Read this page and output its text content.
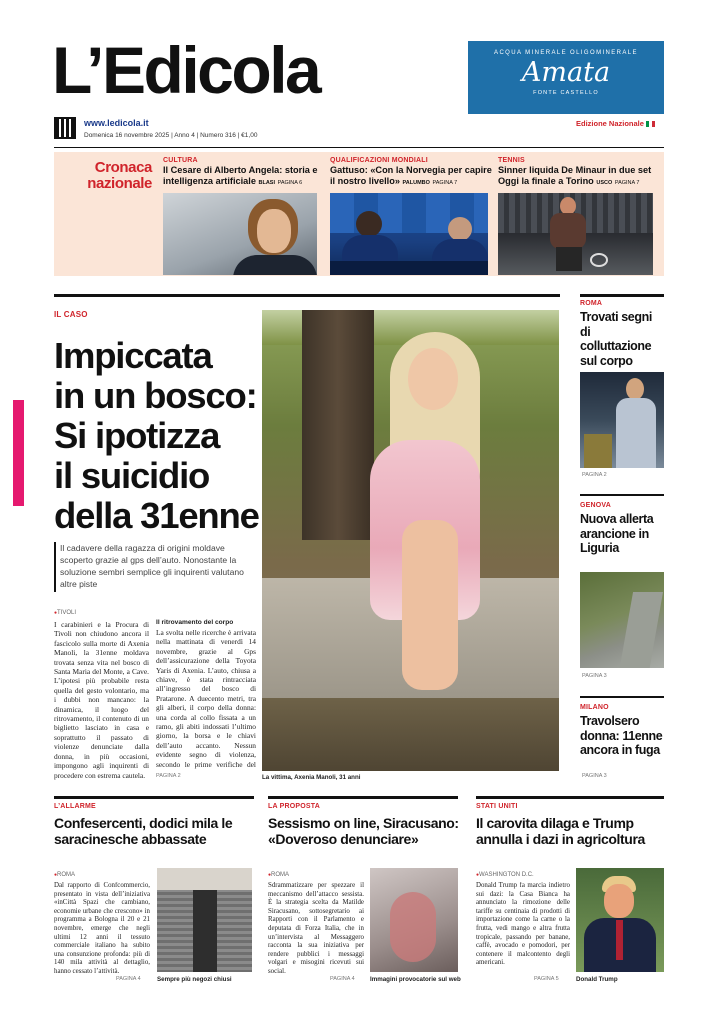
L’Edicola
www.ledicola.it
Domenica 16 novembre 2025 | Anno 4 | Numero 316 | €1,00
Edizione Nazionale
ACQUA MINERALE OLIGOMINERALE
Amata
FONTE CASTELLO
Cronaca
nazionale
CULTURA
Il Cesare di Alberto Angela: storia e intelligenza artificiale BLASI PAGINA 6
QUALIFICAZIONI MONDIALI
Gattuso: «Con la Norvegia per capire il nostro livello» PALUMBO PAGINA 7
TENNIS
Sinner liquida De Minaur in due set Oggi la finale a Torino USCO PAGINA 7
IL CASO
Impiccata
in un bosco:
Si ipotizza
il suicidio
della 31enne
Il cadavere della ragazza di origini moldave scoperto grazie al gps dell’auto. Nonostante la soluzione sembri semplice gli inquirenti valutano altre piste
● TIVOLI
I carabinieri e la Procura di Tivoli non chiudono ancora il fascicolo sulla morte di Axenia Manoli, la 31enne moldava trovata senza vita nel bosco di Santa Maria del Monte, a Cave. L’ipotesi più probabile resta quella del gesto volontario, ma i dubbi non mancano: la dinamica, il luogo del ritrovamento, il contenuto di un biglietto lasciato in casa e soprattutto il passato di violenze denunciate dalla donna, in più occasioni, impongono agli inquirenti di procedere con estrema cautela.
Il ritrovamento del corpo
La svolta nelle ricerche è arrivata nella mattinata di venerdì 14 novembre, grazie al Gps dell’assicurazione della Toyota Yaris di Axenia. L’auto, chiusa a chiave, è stata rintracciata all’ingresso del bosco di Pratarone. A duecento metri, tra gli alberi, il corpo della donna: una corda al collo fissata a un ramo, gli abiti indossati l’ultimo giorno, la borsa e le chiavi dell’auto accanto. Nessun evidente segno di violenza, secondo le prime verifiche del
PAGINA 2	La vittima, Axenia Manoli, 31 anni
ROMA
Trovati segni di colluttazione sul corpo
PAGINA 2
GENOVA
Nuova allerta arancione in Liguria
PAGINA 3
MILANO
Travolsero donna: 11enne ancora in fuga
PAGINA 3
L’ALLARME
Confesercenti, dodici mila le saracinesche abbassate
● ROMA
Dal rapporto di Confcommercio, presentato in vista dell’iniziativa «inCittà Spazi che cambiano, economie urbane che crescono» in programma a Bologna il 20 e 21 novembre, emerge che negli ultimi 12 anni il tessuto commerciale italiano ha subito una consunzione profonda: più di 140 mila attività al dettaglio, hanno cessato l’attività.
PAGINA 4	Sempre più negozi chiusi
LA PROPOSTA
Sessismo on line, Siracusano: «Doveroso denunciare»
● ROMA
Sdrammatizzare per spezzare il meccanismo dell’attacco sessista. È la strategia scelta da Matilde Siracusano, sottosegretario ai Rapporti con il Parlamento e deputata di Forza Italia, che in un’intervista al Messaggero racconta la sua iniziativa per rendere pubblici i messaggi volgari e misogini ricevuti sui social.
PAGINA 4 Immagini provocatorie sul web
STATI UNITI
Il carovita dilaga e Trump annulla i dazi in agricoltura
● WASHINGTON D.C.
Donald Trump fa marcia indietro sui dazi: la Casa Bianca ha annunciato la rimozione delle tariffe su centinaia di prodotti di importazione come la carne o la frutta, vedi mango e altra frutta tropicale, passando per banane, caffè, avocado e pomodori, per contenere il malcontento degli americani.
PAGINA 5	Donald Trump
